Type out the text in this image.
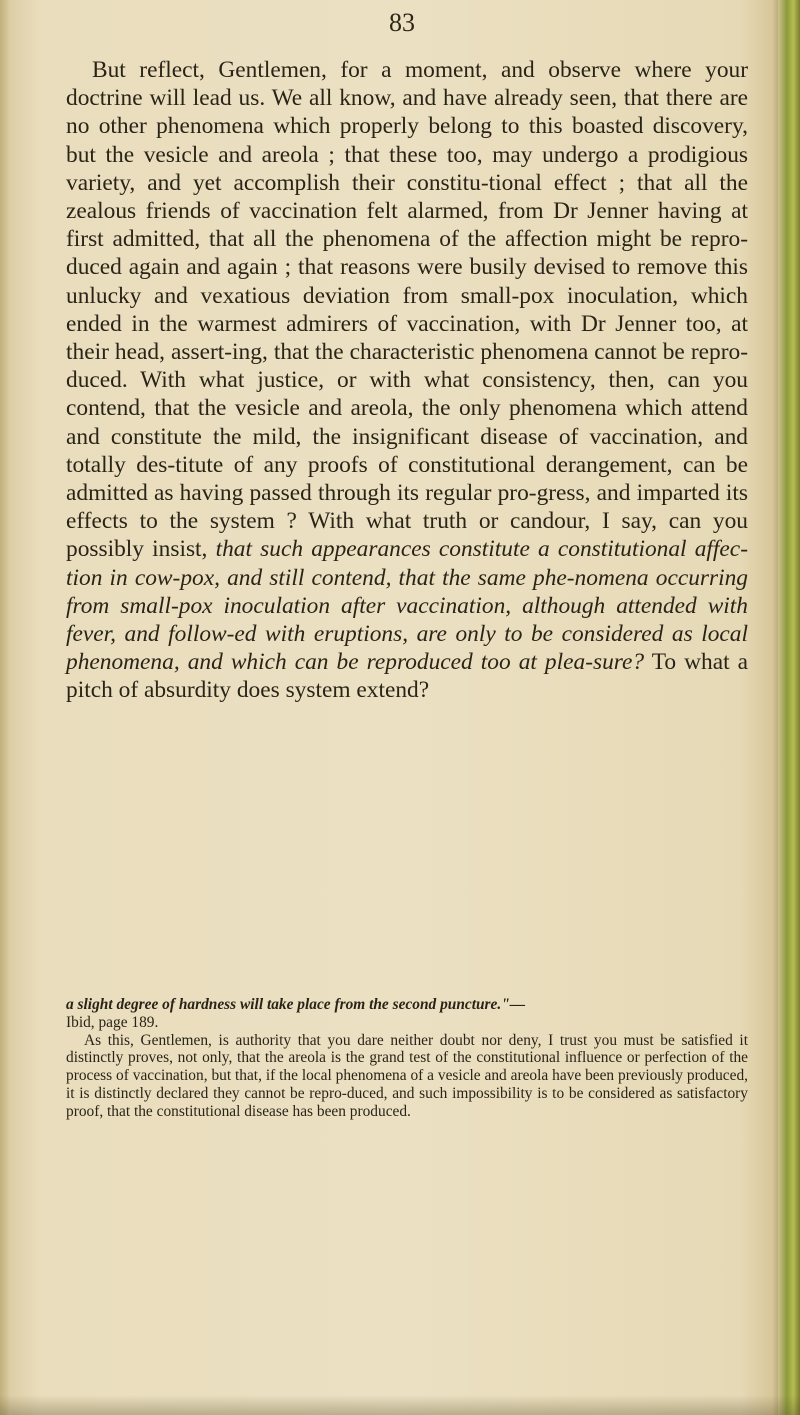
83

But reflect, Gentlemen, for a moment, and observe where your doctrine will lead us. We all know, and have already seen, that there are no other phenomena which properly belong to this boasted discovery, but the vesicle and areola ; that these too, may undergo a prodigious variety, and yet accomplish their constitu-tional effect ; that all the zealous friends of vaccination felt alarmed, from Dr Jenner having at first admitted, that all the phenomena of the affection might be repro-duced again and again ; that reasons were busily devised to remove this unlucky and vexatious deviation from small-pox inoculation, which ended in the warmest admirers of vaccination, with Dr Jenner too, at their head, assert-ing, that the characteristic phenomena cannot be repro-duced. With what justice, or with what consistency, then, can you contend, that the vesicle and areola, the only phenomena which attend and constitute the mild, the insignificant disease of vaccination, and totally des-titute of any proofs of constitutional derangement, can be admitted as having passed through its regular pro-gress, and imparted its effects to the system ? With what truth or candour, I say, can you possibly insist, that such appearances constitute a constitutional affec-tion in cow-pox, and still contend, that the same phe-nomena occurring from small-pox inoculation after vaccination, although attended with fever, and follow-ed with eruptions, are only to be considered as local phenomena, and which can be reproduced too at plea-sure? To what a pitch of absurdity does system extend?

a slight degree of hardness will take place from the second puncture."—

Ibid, page 189.

As this, Gentlemen, is authority that you dare neither doubt nor deny, I trust you must be satisfied it distinctly proves, not only, that the areola is the grand test of the constitutional influence or perfection of the process of vaccination, but that, if the local phenomena of a vesicle and areola have been previously produced, it is distinctly declared they cannot be repro-duced, and such impossibility is to be considered as satisfactory proof, that the constitutional disease has been produced.
